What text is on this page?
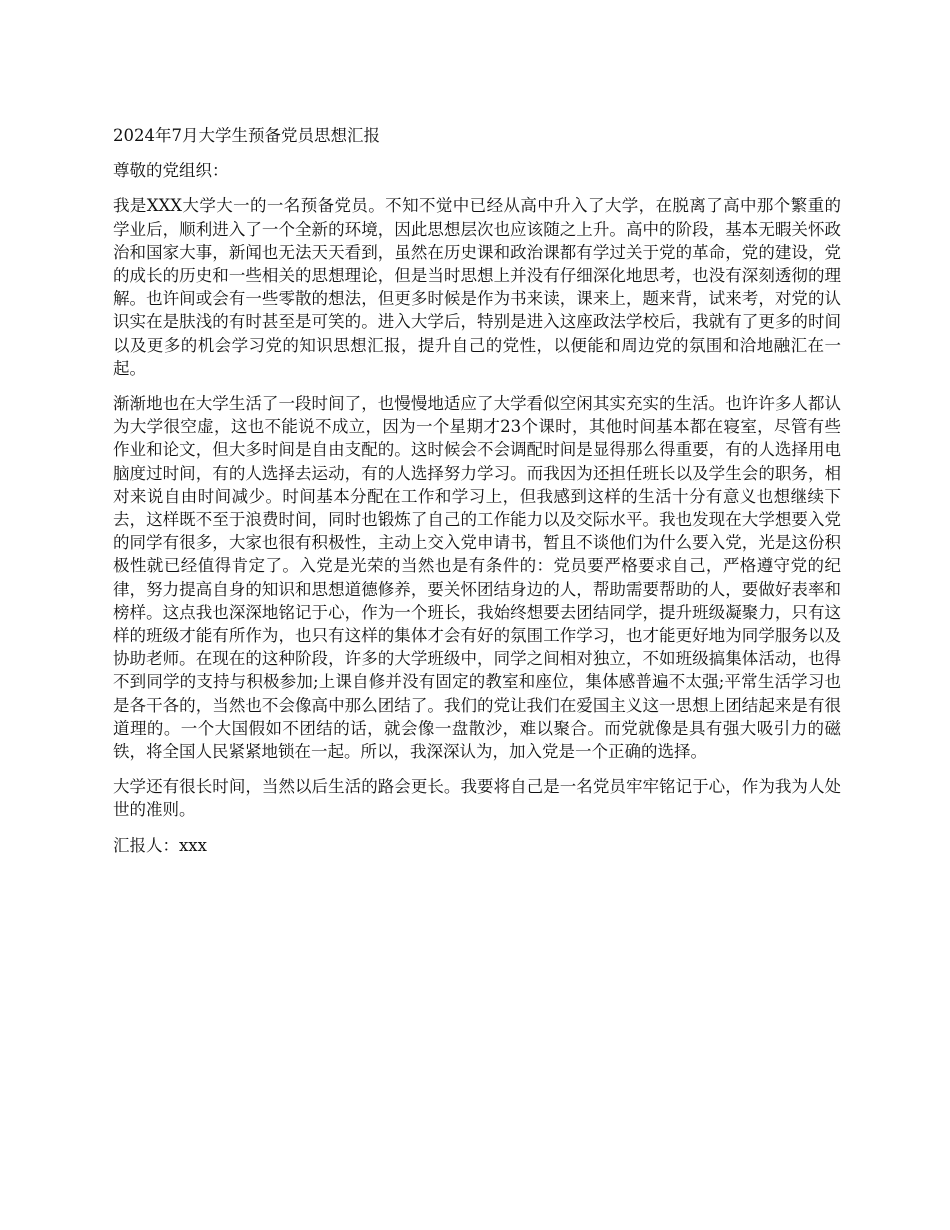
2024年7月大学生预备党员思想汇报

尊敬的党组织：

我是XXX大学大一的一名预备党员。不知不觉中已经从高中升入了大学，在脱离了高中那个繁重的学业后，顺利进入了一个全新的环境，因此思想层次也应该随之上升。高中的阶段，基本无暇关怀政治和国家大事，新闻也无法天天看到，虽然在历史课和政治课都有学过关于党的革命，党的建设，党的成长的历史和一些相关的思想理论，但是当时思想上并没有仔细深化地思考，也没有深刻透彻的理解。也许间或会有一些零散的想法，但更多时候是作为书来读，课来上，题来背，试来考，对党的认识实在是肤浅的有时甚至是可笑的。进入大学后，特别是进入这座政法学校后，我就有了更多的时间以及更多的机会学习党的知识思想汇报，提升自己的党性，以便能和周边党的氛围和洽地融汇在一起。

渐渐地也在大学生活了一段时间了，也慢慢地适应了大学看似空闲其实充实的生活。也许许多人都认为大学很空虚，这也不能说不成立，因为一个星期才23个课时，其他时间基本都在寝室，尽管有些作业和论文，但大多时间是自由支配的。这时候会不会调配时间是显得那么得重要，有的人选择用电脑度过时间，有的人选择去运动，有的人选择努力学习。而我因为还担任班长以及学生会的职务，相对来说自由时间减少。时间基本分配在工作和学习上，但我感到这样的生活十分有意义也想继续下去，这样既不至于浪费时间，同时也锻炼了自己的工作能力以及交际水平。我也发现在大学想要入党的同学有很多，大家也很有积极性，主动上交入党申请书，暂且不谈他们为什么要入党，光是这份积极性就已经值得肯定了。入党是光荣的当然也是有条件的：党员要严格要求自己，严格遵守党的纪律，努力提高自身的知识和思想道德修养，要关怀团结身边的人，帮助需要帮助的人，要做好表率和榜样。这点我也深深地铭记于心，作为一个班长，我始终想要去团结同学，提升班级凝聚力，只有这样的班级才能有所作为，也只有这样的集体才会有好的氛围工作学习，也才能更好地为同学服务以及协助老师。在现在的这种阶段，许多的大学班级中，同学之间相对独立，不如班级搞集体活动，也得不到同学的支持与积极参加;上课自修并没有固定的教室和座位，集体感普遍不太强;平常生活学习也是各干各的，当然也不会像高中那么团结了。我们的党让我们在爱国主义这一思想上团结起来是有很道理的。一个大国假如不团结的话，就会像一盘散沙，难以聚合。而党就像是具有强大吸引力的磁铁，将全国人民紧紧地锁在一起。所以，我深深认为，加入党是一个正确的选择。

大学还有很长时间，当然以后生活的路会更长。我要将自己是一名党员牢牢铭记于心，作为我为人处世的准则。

汇报人：xxx
